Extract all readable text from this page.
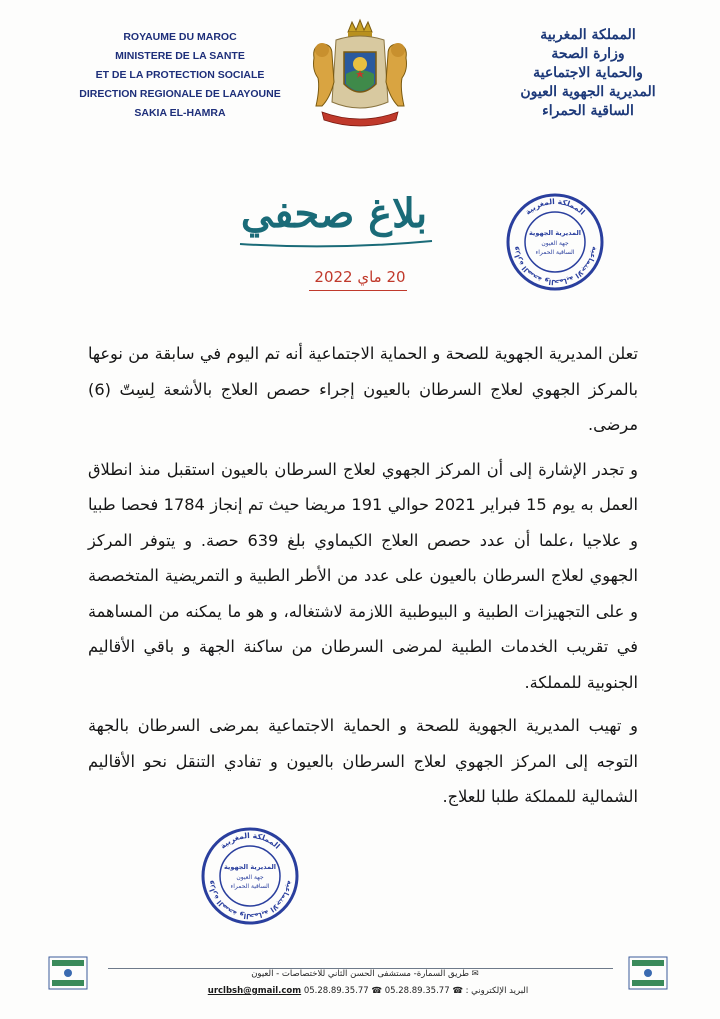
ROYAUME DU MAROC
MINISTERE DE LA SANTE
ET DE LA PROTECTION SOCIALE
DIRECTION REGIONALE DE LAAYOUNE
SAKIA EL-HAMRA
المملكة المغربية
وزارة الصحة
والحماية الاجتماعية
المديرية الجهوية العيون
الساقية الحمراء
بلاغ صحفي
20 ماي 2022
المملكة المغربية
وزارة الصحة والحماية الاجتماعية
المديرية الجهوية
جهة العيون
الساقية الحمراء

تعلن المديرية الجهوية للصحة و الحماية الاجتماعية أنه تم اليوم في سابقة من نوعها بالمركز الجهوي لعلاج السرطان بالعيون إجراء حصص العلاج بالأشعة لِسِتّ (6) مرضى.

و تجدر الإشارة إلى أن المركز الجهوي لعلاج السرطان بالعيون استقبل منذ انطلاق العمل به يوم 15 فبراير 2021 حوالي 191 مريضا حيث تم إنجاز 1784 فحصا طبيا و علاجيا ،علما أن عدد حصص العلاج الكيماوي بلغ 639 حصة. و يتوفر المركز الجهوي لعلاج السرطان بالعيون على عدد من الأطر الطبية و التمريضية المتخصصة و على التجهيزات الطبية و البيوطبية اللازمة لاشتغاله، و هو ما يمكنه من المساهمة في تقريب الخدمات الطبية لمرضى السرطان من ساكنة الجهة و باقي الأقاليم الجنوبية للمملكة.

و تهيب المديرية الجهوية للصحة و الحماية الاجتماعية بمرضى السرطان بالجهة التوجه إلى المركز الجهوي لعلاج السرطان بالعيون و تفادي التنقل نحو الأقاليم الشمالية للمملكة طلبا للعلاج.

المملكة المغربية
وزارة الصحة والحماية الاجتماعية
المديرية الجهوية
جهة العيون
الساقية الحمراء
✉ طريق السمارة- مستشفى الحسن الثاني للاختصاصات - العيون
urclbsh@gmail.com	البريد الإلكتروني : ☎ 05.28.89.35.77 ☎ 05.28.89.35.77
